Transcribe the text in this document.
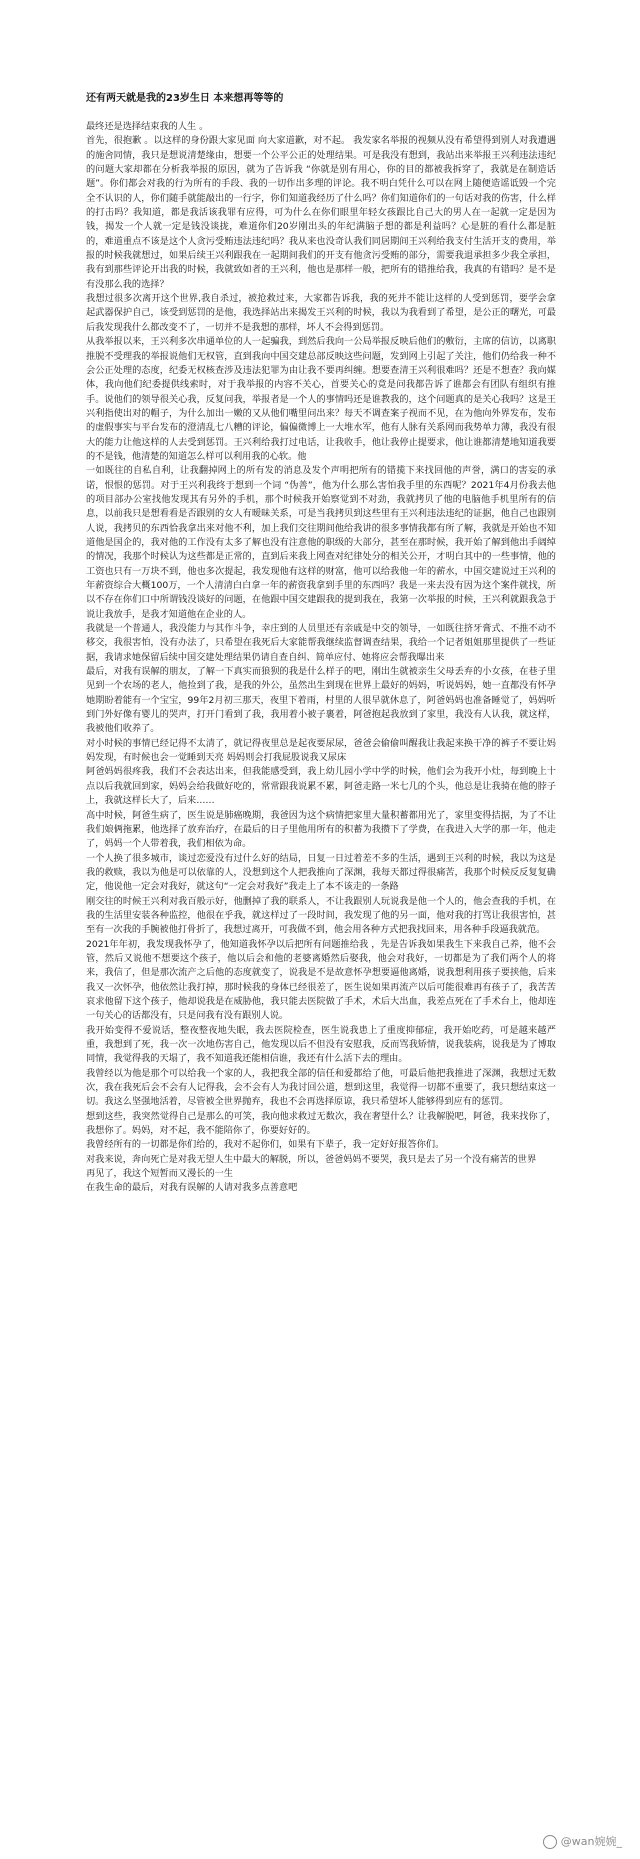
还有两天就是我的23岁生日 本来想再等等的

最终还是选择结束我的人生 。

首先，很抱歉 。以这样的身份跟大家见面 向大家道歉，对不起。 我发家名举报的视频从没有希望得到别人对我遭遇的施舍同情，我只是想说清楚缘由，想要一个公平公正的处理结果。可是我没有想到，我站出来举报王兴利违法违纪的问题大家却都在分析我举报的原因，就为了告诉我 “你就是别有用心，你的目的都被我拆穿了，我就是在制造话题”。你们都会对我的行为所有的手段、我的一切作出多理的评论。我不明白凭什么可以在网上随便造谣诋毁一个完全不认识的人，你们随手就能敲出的一行字，你们知道我经历了什么吗？你们知道你们的一句话对我的伤害，什么样的打击吗？我知道，都是我活该我罪有应得，可为什么在你们眼里年轻女孩跟比自己大的男人在一起就一定是因为钱，揭发一个人就一定是钱没谈拢，难道你们20岁刚出头的年纪满脑子想的都是利益吗？心是脏的看什么都是脏的，难道重点不该是这个人贪污受贿违法违纪吗？我从来也没奇认我们同居期间王兴利给我支付生活开支的费用，举报的时候我就想过，如果后续王兴利跟我在一起期间我们的开支有他贪污受贿的部分，需要我退承担多少我全承担，我有到那些评论开出我的时候，我就致如者的王兴利，他也是那样一般，把所有的错推给我，我真的有错吗？是不是有没那么我的选择？

我想过很多次离开这个世界,我自杀过，被抢救过来，大家都告诉我，我的死并不能让这样的人受到惩罚，要学会拿起武器保护自己，该受到惩罚的是他，我选择站出来揭发王兴利的时候，我以为我看到了希望，是公正的曙光，可最后我发现我什么都改变不了，一切并不是我想的那样，坏人不会得到惩罚。

从我举报以来，王兴利多次串通单位的人一起骗我，到然后我向一公局举报反映后他们的敷衍，主席的信访，以离职推脱不受理我的举报说他们无权管，直到我向中国交建总部反映这些问题，发到网上引起了关注，他们仍给我一种不会公正处理的态度，纪委无权核查涉及违法犯罪为由让我不要再纠缠。想要查清王兴利很难吗？还是不想查？我向媒体，我向他们纪委提供线索时，对于我举报的内容不关心，首要关心的竟是问我都告诉了谁都会有团队有组织有推手。说他们的领导很关心我，反复问我，举报者是一个人的事情吗还是谁教我的，这个问题真的是关心我吗？这是王兴利指使出对的帽子，为什么加出一嫩的又从他们嘴里问出来？每天不调查案子视而不见，在为他向外界发布，发布的虚假事实与平台发布的澄清乱七八糟的评论，偏偏微博上一大堆水军，他有人脉有关系网而我势单力薄，我没有很大的能力让他这样的人去受到惩罚。王兴利给我打过电话，让我收手，他让我停止提要求，他让谁都清楚地知道我要的不是钱，他清楚的知道怎么样可以利用我的心软。他

一如既往的自私自利，让我翻掉网上的所有发的消息及发个声明把所有的错揽下来找回他的声誉，满口的害妄的承诺，恨恨的惩罚。对于王兴利我终于想到一个词 “伪善”，他为什么那么害怕我手里的东西呢？2021年4月份我去他的项目部办公室找他发现其有另外的手机，那个时候我开始察觉到不对劲，我就拷贝了他的电脑他手机里所有的信息，以前我只是想看看是否跟别的女人有暧昧关系，可是当我拷贝到这些里有王兴利违法违纪的证据，他自己也跟别人说，我拷贝的东西恰我拿出来对他不利，加上我们交往期间他给我讲的很多事情我都有所了解，我就是开始也不知道他是国企的，我对他的工作没有太多了解也没有注意他的职级的大部分，甚至在那时候，我开始了解到他出手阔绰的情况，我那个时候认为这些都是正常的，直到后来我上网查对纪律处分的相关公开，才明白其中的一些事情，他的工资也只有一万块不到，他也多次提起，我发现他有这样的财富，他可以给我他一年的薪水，中国交建说过王兴利的年薪资综合大概100万，一个人清清白白拿一年的薪资我拿到手里的东西吗？我是一来去没有因为这个案件就找，所以不存在你们口中所谓钱没谈好的问题，在他跟中国交建跟我的提到我在，我第一次举报的时候，王兴利就跟我急于说让我放手，是我才知道他在企业的人。

我就是一个普通人，我没能力与其作斗争，幸庄到的人员里还有亲戚是中交的领导，一如既往挤牙膏式、不推不动不移交，我很害怕，没有办法了，只希望在我死后大家能帮我继续监督调查结果，我给一个记者姐姐那里提供了一些证据，我请求她保留后续中国交建处理结果仍请自查自纠、简单应付、她将应会帮我曝出来

最后，对我有误解的朋友，了解一下真实而狼狈的我是什么样子的吧，刚出生就被亲生父母丢弃的小女孩，在巷子里见到一个农场的老人，他捡到了我，是我的外公，虽然出生到现在世界上最好的妈妈，听说妈妈，她一直都没有怀孕她期盼着能有一个宝宝，99年2月初三那天，夜里下着雨，村里的人很早就休息了，阿爸妈妈也准备睡觉了，妈妈听到门外好像有婴儿的哭声，打开门看到了我，我用着小被子裹着，阿爸抱起我放到了家里，我没有人认我，就这样，我被他们收养了。

对小时候的事情已经记得不太清了，就记得夜里总是起夜要尿尿，爸爸会偷偷叫醒我让我起来换干净的裤子不要让妈妈发现，有时候也会一觉睡到天亮 妈妈则会打我屁股说我又尿床

阿爸妈妈很疼我，我们不会表达出来，但我能感受到，我上幼儿园小学中学的时候，他们会为我开小灶，每到晚上十点以后我就回到家，妈妈会给我做好吃的，常常跟我说累不累，阿爸走路一米七几的个头，他总是让我骑在他的脖子上，我就这样长大了，后来……

高中时候，阿爸生病了，医生说是肺癌晚期，我爸因为这个病情把家里大量积蓄都用光了，家里变得拮据，为了不让我们娘俩拖累，他选择了放弃治疗，在最后的日子里他用所有的积蓄为我攒下了学费，在我进入大学的那一年，他走了，妈妈一个人带着我，我们相依为命。

一个人换了很多城市，谈过恋爱没有过什么好的结局，日复一日过着差不多的生活，遇到王兴利的时候，我以为这是我的救赎，我以为他是可以依靠的人，没想到这个人把我推向了深渊，我每天都过得很痛苦，我那个时候反反复复确定，他说他一定会对我好，就这句“一定会对我好”我走上了本不该走的一条路

刚交往的时候王兴利对我百般示好，他删掉了我的联系人，不让我跟别人玩说我是他一个人的，他会查我的手机，在我的生活里安装各种监控，他很在乎我，就这样过了一段时间，我发现了他的另一面，他对我的打骂让我很害怕，甚至有一次我的手腕被他打骨折了，我想过离开，可我做不到，他会用各种方式把我找回来，用各种手段逼我就范。

2021年年初，我发现我怀孕了，他知道我怀孕以后把所有问题推给我 ，先是告诉我如果我生下来我自己养，他不会管，然后又说他不想要这个孩子，他以后会和他的老婆离婚然后娶我，他会对我好，一切都是为了我们两个人的将来，我信了，但是那次流产之后他的态度就变了，说我是不是故意怀孕想要逼他离婚，说我想利用孩子要挟他，后来我又一次怀孕，他依然让我打掉，那时候我的身体已经很差了，医生说如果再流产以后可能很难再有孩子了，我苦苦哀求他留下这个孩子，他却说我是在威胁他，我只能去医院做了手术，术后大出血，我差点死在了手术台上，他却连一句关心的话都没有，只是问我有没有跟别人说。

我开始变得不爱说话，整夜整夜地失眠，我去医院检查，医生说我患上了重度抑郁症，我开始吃药，可是越来越严重，我想到了死，我一次一次地伤害自己，他发现以后不但没有安慰我，反而骂我矫情，说我装病，说我是为了博取同情，我觉得我的天塌了，我不知道我还能相信谁，我还有什么活下去的理由。

我曾经以为他是那个可以给我一个家的人，我把我全部的信任和爱都给了他，可最后他把我推进了深渊，我想过无数次，我在我死后会不会有人记得我，会不会有人为我讨回公道，想到这里，我觉得一切都不重要了，我只想结束这一切。我这么坚强地活着，尽管被全世界抛弃，我也不会再选择原谅，我只希望坏人能够得到应有的惩罚。

想到这些，我突然觉得自己是那么的可笑，我向他求救过无数次，我在奢望什么？让我解脱吧，阿爸，我来找你了，我想你了。妈妈，对不起，我不能陪你了，你要好好的。

我曾经所有的一切都是你们给的，我对不起你们，如果有下辈子，我一定好好报答你们。

对我来说，奔向死亡是对我无望人生中最大的解脱，所以，爸爸妈妈不要哭，我只是去了另一个没有痛苦的世界

再见了，我这个短暂而又漫长的一生

在我生命的最后，对我有误解的人请对我多点善意吧

@wan婉婉_
